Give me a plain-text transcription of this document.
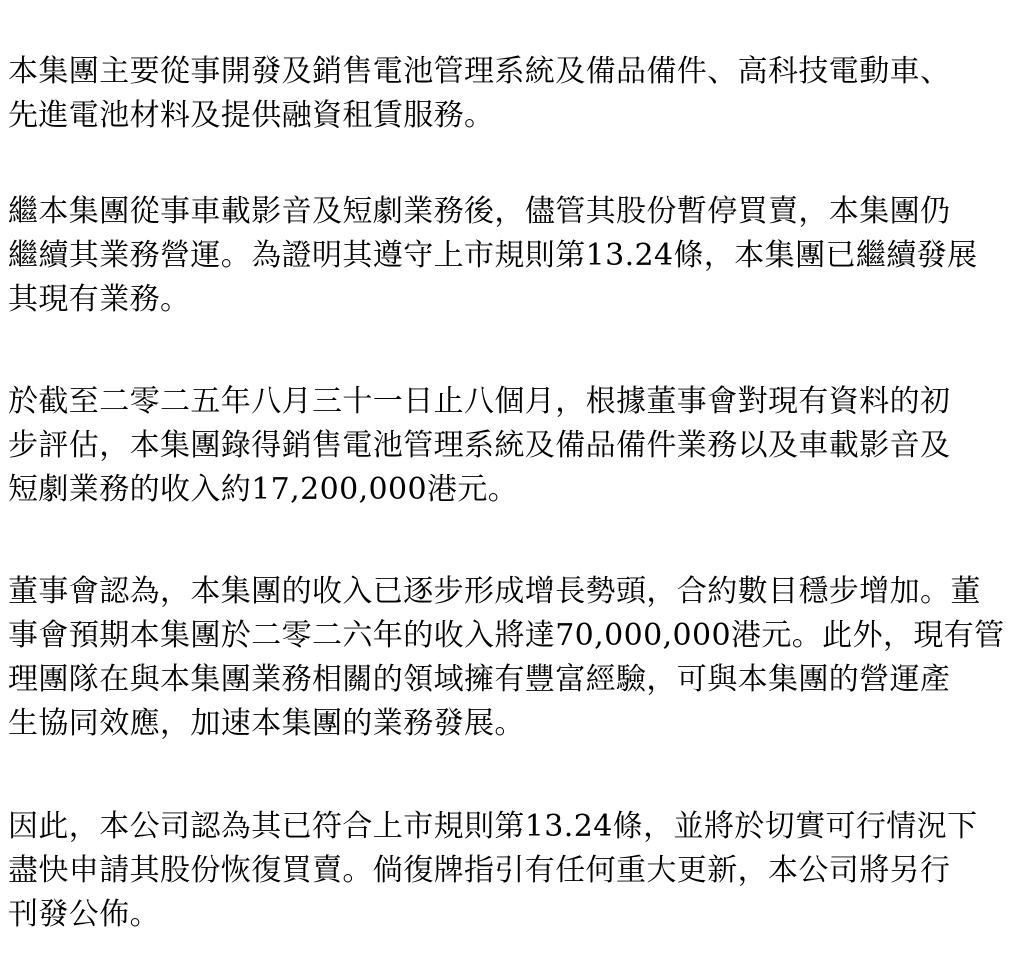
本集團主要從事開發及銷售電池管理系統及備品備件、高科技電動車、
先進電池材料及提供融資租賃服務。
繼本集團從事車載影音及短劇業務後，儘管其股份暫停買賣，本集團仍
繼續其業務營運。為證明其遵守上市規則第13.24條，本集團已繼續發展
其現有業務。
於截至二零二五年八月三十一日止八個月，根據董事會對現有資料的初
步評估，本集團錄得銷售電池管理系統及備品備件業務以及車載影音及
短劇業務的收入約17,200,000港元。
董事會認為，本集團的收入已逐步形成增長勢頭，合約數目穩步增加。董
事會預期本集團於二零二六年的收入將達70,000,000港元。此外，現有管
理團隊在與本集團業務相關的領域擁有豐富經驗，可與本集團的營運產
生協同效應，加速本集團的業務發展。
因此，本公司認為其已符合上市規則第13.24條，並將於切實可行情況下
盡快申請其股份恢復買賣。倘復牌指引有任何重大更新，本公司將另行
刊發公佈。
